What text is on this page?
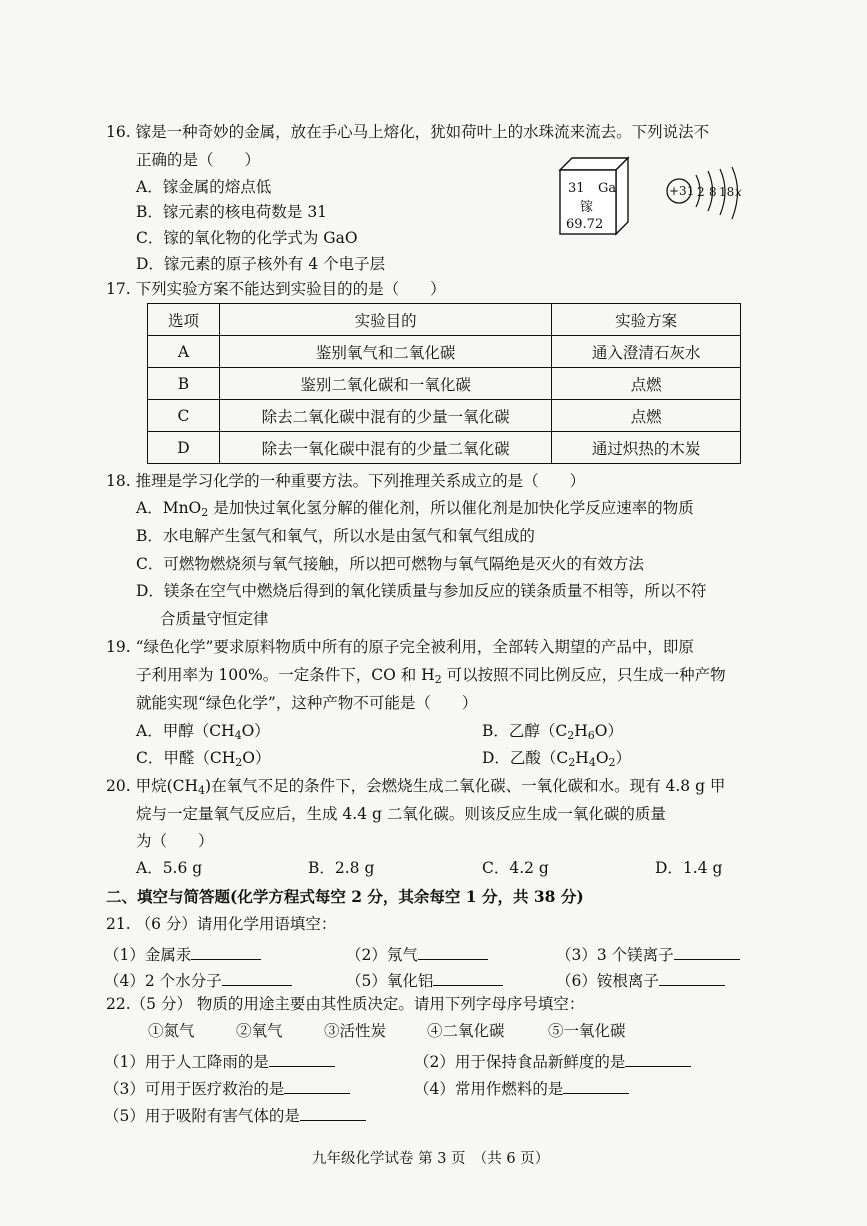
16. 镓是一种奇妙的金属，放在手心马上熔化，犹如荷叶上的水珠流来流去。下列说法不
正确的是（　　）
A．镓金属的熔点低
B．镓元素的核电荷数是 31
C．镓的氧化物的化学式为 GaO
D．镓元素的原子核外有 4 个电子层
31 Ga
镓
69.72
+31 2 8 18 x
17. 下列实验方案不能达到实验目的的是（　　）
选项	实验目的	实验方案
A	鉴别氧气和二氧化碳	通入澄清石灰水
B	鉴别二氧化碳和一氧化碳	点燃
C	除去二氧化碳中混有的少量一氧化碳	点燃
D	除去一氧化碳中混有的少量二氧化碳	通过炽热的木炭
18. 推理是学习化学的一种重要方法。下列推理关系成立的是（　　）
A．MnO$_2$ 是加快过氧化氢分解的催化剂，所以催化剂是加快化学反应速率的物质
B．水电解产生氢气和氧气，所以水是由氢气和氧气组成的
C．可燃物燃烧须与氧气接触，所以把可燃物与氧气隔绝是灭火的有效方法
D．镁条在空气中燃烧后得到的氧化镁质量与参加反应的镁条质量不相等，所以不符
合质量守恒定律
19. “绿色化学”要求原料物质中所有的原子完全被利用，全部转入期望的产品中，即原
子利用率为 100%。一定条件下，CO 和 $H_2$ 可以按照不同比例反应，只生成一种产物
就能实现“绿色化学”，这种产物不可能是（　　）
A．甲醇$(CH_4O)$	B．乙醇$(C_2H_6O)$
C．甲醛$(CH_2O)$	D．乙酸$(C_2H_4O_2)$
20. 甲烷$(CH_4)$在氧气不足的条件下，会燃烧生成二氧化碳、一氧化碳和水。现有 4.8 g 甲
烷与一定量氧气反应后，生成 4.4 g 二氧化碳。则该反应生成一氧化碳的质量
为（　　）
A．5.6 g	B．2.8 g	C．4.2 g	D．1.4 g
二、填空与简答题(化学方程式每空 2 分，其余每空 1 分，共 38 分)
21. （6 分）请用化学用语填空：
（1）金属汞	（2）氖气	（3）3 个镁离子
（4）2 个水分子	（5）氧化铝	（6）铵根离子
22.（5 分） 物质的用途主要由其性质决定。请用下列字母序号填空：
①氮气	②氧气	③活性炭	④二氧化碳	⑤一氧化碳
（1）用于人工降雨的是	（2）用于保持食品新鲜度的是
（3）可用于医疗救治的是	（4）常用作燃料的是
（5）用于吸附有害气体的是
九年级化学试卷 第 3 页　（共 6 页）
